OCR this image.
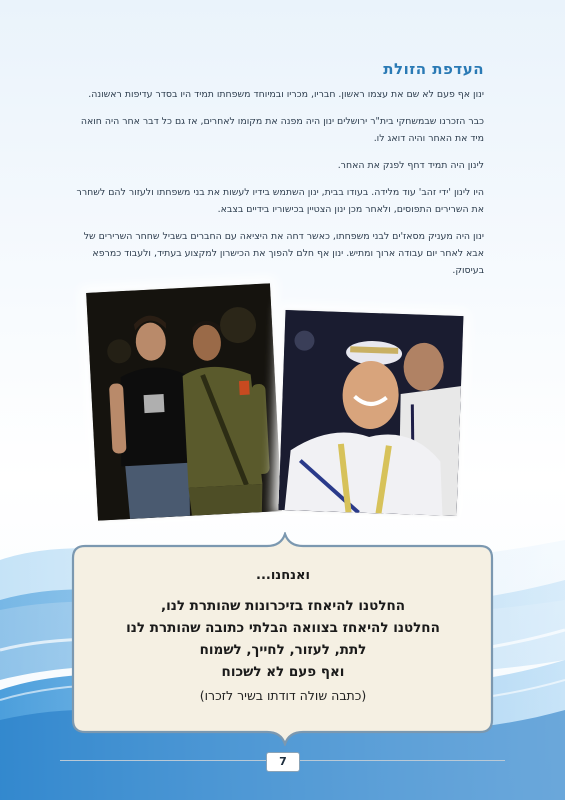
העדפת הזולת

ינון אף פעם לא שם את עצמו ראשון. חבריו, מכריו ובמיוחד משפחתו תמיד היו בסדר עדיפות ראשונה.

כבר הזכרנו שבמשחקי בית"ר ירושלים ינון היה מפנה את מקומו לאחרים, אז גם כל דבר אחר היה חואה מיד את האחר והיה דואג לו.

לינון היה תמיד דחף לפנק את האחר.

היו לינון 'ידי זהב' עוד מלידה. בעודו בבית, ינון השתמש בידיו לעשות את בני משפחתו ולעזור להם לשחרר את השרירים התפוסים, ולאחר מכן ינון הצטיין בכישוריו בידיים בצבא.

ינון היה מעניק מסאז'ים לבני משפחתו, כאשר דחה את היציאה עם החברים בשביל שחחר השרירים של אבא לאחר יום עבודה ארוך ומתיש. ינון אף חלם להפוך את הכישרון למקצוע בעתיד, ולעבוד כמרפא בעיסוק.

ואנחנו...

החלטנו להיאחז בזיכרונות שהותרת לנו,

החלטנו להיאחז בצוואה הבלתי כתובה שהותרת לנו

לתת, לעזור, לחייך, לשמוח

ואף פעם לא לשכוח

(כתבה שולה דודתו בשיר לזכרו)

7
